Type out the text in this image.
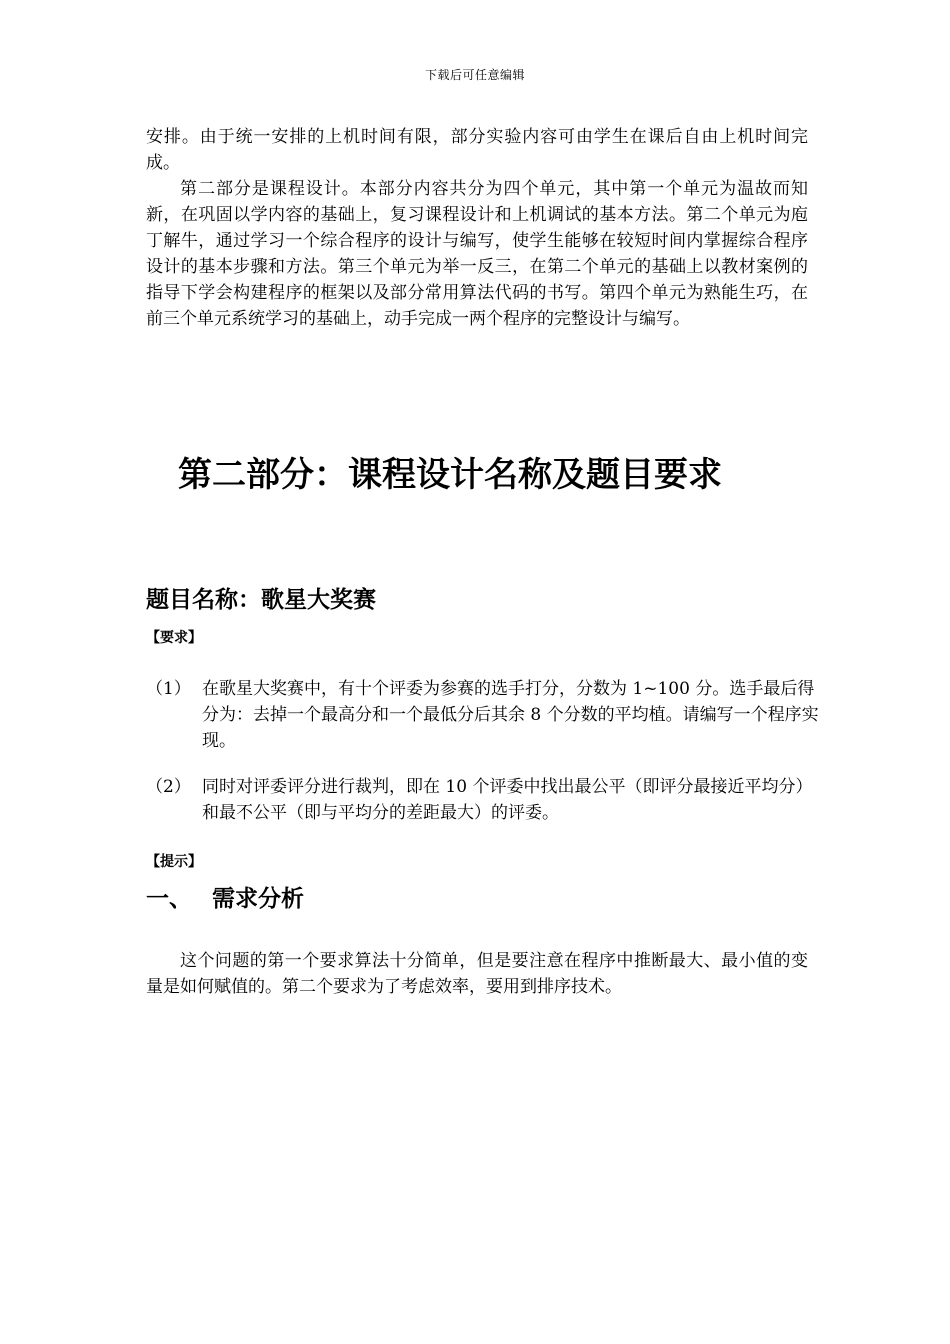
下载后可任意编辑

安排。由于统一安排的上机时间有限，部分实验内容可由学生在课后自由上机时间完成。

第二部分是课程设计。本部分内容共分为四个单元，其中第一个单元为温故而知新，在巩固以学内容的基础上，复习课程设计和上机调试的基本方法。第二个单元为庖丁解牛，通过学习一个综合程序的设计与编写，使学生能够在较短时间内掌握综合程序设计的基本步骤和方法。第三个单元为举一反三，在第二个单元的基础上以教材案例的指导下学会构建程序的框架以及部分常用算法代码的书写。第四个单元为熟能生巧，在前三个单元系统学习的基础上，动手完成一两个程序的完整设计与编写。

第二部分：课程设计名称及题目要求
题目名称：歌星大奖赛
【要求】
（1） 在歌星大奖赛中，有十个评委为参赛的选手打分，分数为 1~100 分。选手最后得分为：去掉一个最高分和一个最低分后其余 8 个分数的平均植。请编写一个程序实现。
（2） 同时对评委评分进行裁判，即在 10 个评委中找出最公平（即评分最接近平均分）和最不公平（即与平均分的差距最大）的评委。
【提示】
一、 需求分析

这个问题的第一个要求算法十分简单，但是要注意在程序中推断最大、最小值的变量是如何赋值的。第二个要求为了考虑效率，要用到排序技术。
